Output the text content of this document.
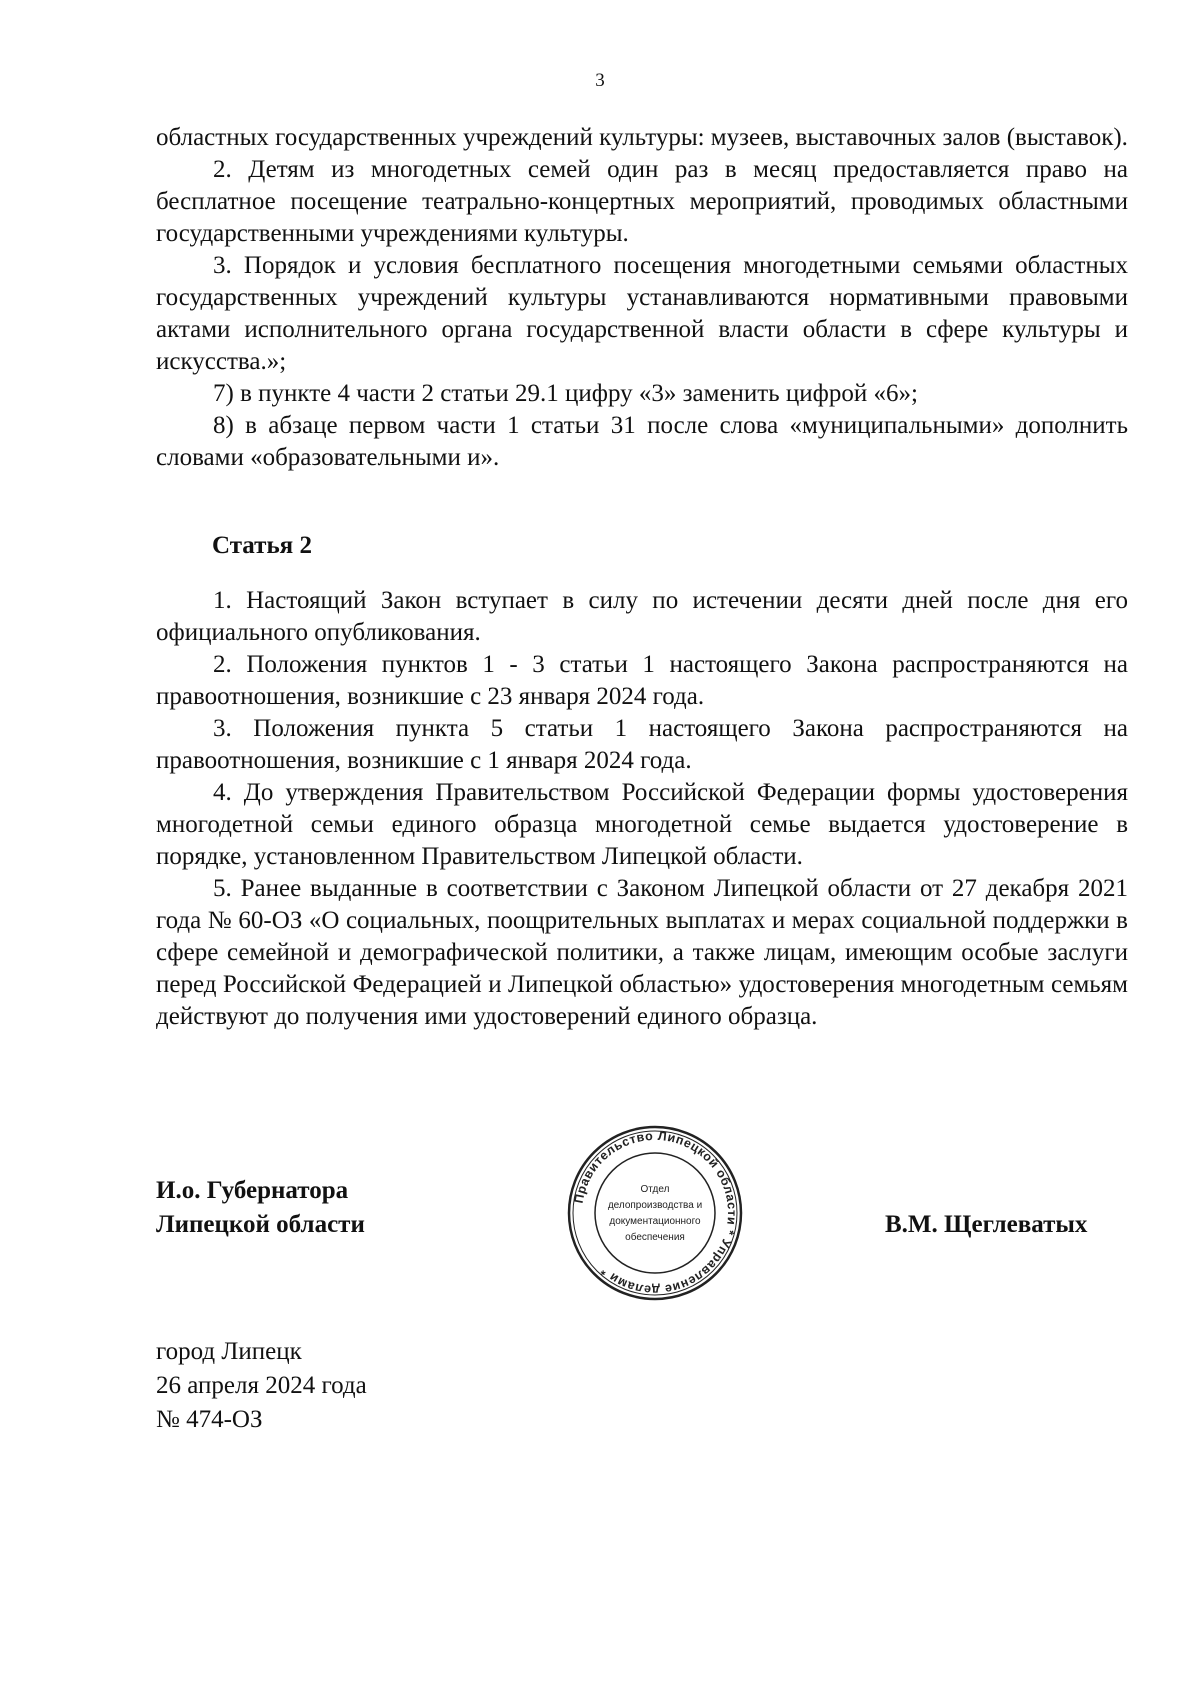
3

областных государственных учреждений культуры: музеев, выставочных залов (выставок).

2. Детям из многодетных семей один раз в месяц предоставляется право на бесплатное посещение театрально-концертных мероприятий, проводимых областными государственными учреждениями культуры.

3. Порядок и условия бесплатного посещения многодетными семьями областных государственных учреждений культуры устанавливаются нормативными правовыми актами исполнительного органа государственной власти области в сфере культуры и искусства.»;

7) в пункте 4 части 2 статьи 29.1 цифру «3» заменить цифрой «6»;

8) в абзаце первом части 1 статьи 31 после слова «муниципальными» дополнить словами «образовательными и».

Статья 2

1. Настоящий Закон вступает в силу по истечении десяти дней после дня его официального опубликования.

2. Положения пунктов 1 - 3 статьи 1 настоящего Закона распространяются на правоотношения, возникшие с 23 января 2024 года.

3. Положения пункта 5 статьи 1 настоящего Закона распространяются на правоотношения, возникшие с 1 января 2024 года.

4. До утверждения Правительством Российской Федерации формы удостоверения многодетной семьи единого образца многодетной семье выдается удостоверение в порядке, установленном Правительством Липецкой области.

5. Ранее выданные в соответствии с Законом Липецкой области от 27 декабря 2021 года № 60-ОЗ «О социальных, поощрительных выплатах и мерах социальной поддержки в сфере семейной и демографической политики, а также лицам, имеющим особые заслуги перед Российской Федерацией и Липецкой областью» удостоверения многодетным семьям действуют до получения ими удостоверений единого образца.

И.о. Губернатора
Липецкой области
Правительство Липецкой области * Управление делами *
Отдел
делопроизводства и
документационного
обеспечения	В.М. Щеглеватых
город Липецк
26 апреля 2024 года
№ 474-ОЗ
